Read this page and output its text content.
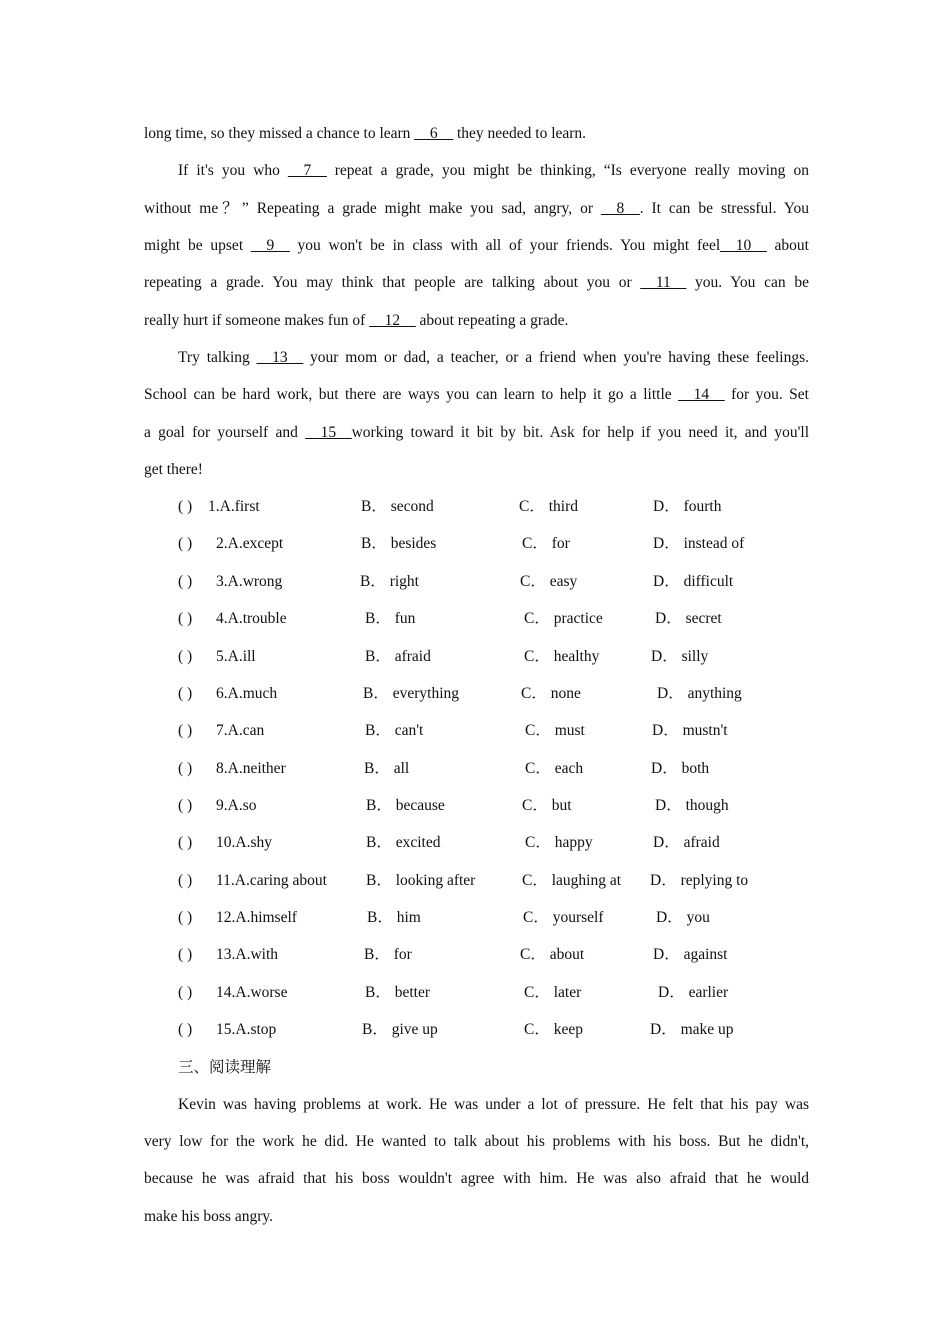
long time, so they missed a chance to learn __6__ they needed to learn.
If it's you who __7__ repeat a grade, you might be thinking, “Is everyone really moving on
without me？” Repeating a grade might make you sad, angry, or __8__. It can be stressful. You
might be upset __9__ you won't be in class with all of your friends. You might feel__10__ about
repeating a grade. You may think that people are talking about you or __11__ you. You can be
really hurt if someone makes fun of __12__ about repeating a grade.
Try talking __13__ your mom or dad, a teacher, or a friend when you're having these feelings.
School can be hard work, but there are ways you can learn to help it go a little __14__ for you. Set
a goal for yourself and __15__working toward it bit by bit. Ask for help if you need it, and you'll
get there!
( ) 1.A.first	B． second	C． third	D． fourth
( ) 2.A.except	B． besides	C． for	D． instead of
( ) 3.A.wrong	B． right	C． easy	D． difficult
( ) 4.A.trouble	B． fun	C． practice	D． secret
( ) 5.A.ill	B． afraid	C． healthy	D． silly
( ) 6.A.much	B． everything	C． none	D． anything
( ) 7.A.can	B． can't	C． must	D． mustn't
( ) 8.A.neither	B． all	C． each	D． both
( ) 9.A.so	B． because	C． but	D． though
( ) 10.A.shy	B． excited	C． happy	D． afraid
( ) 11.A.caring about	B． looking after	C． laughing at D． replying to
( ) 12.A.himself	B． him	C． yourself	D． you
( ) 13.A.with	B． for	C． about	D． against
( ) 14.A.worse	B． better	C． later	D． earlier
( ) 15.A.stop	B． give up	C． keep	D． make up
三、阅读理解
Kevin was having problems at work. He was under a lot of pressure. He felt that his pay was
very low for the work he did. He wanted to talk about his problems with his boss. But he didn't,
because he was afraid that his boss wouldn't agree with him. He was also afraid that he would
make his boss angry.
